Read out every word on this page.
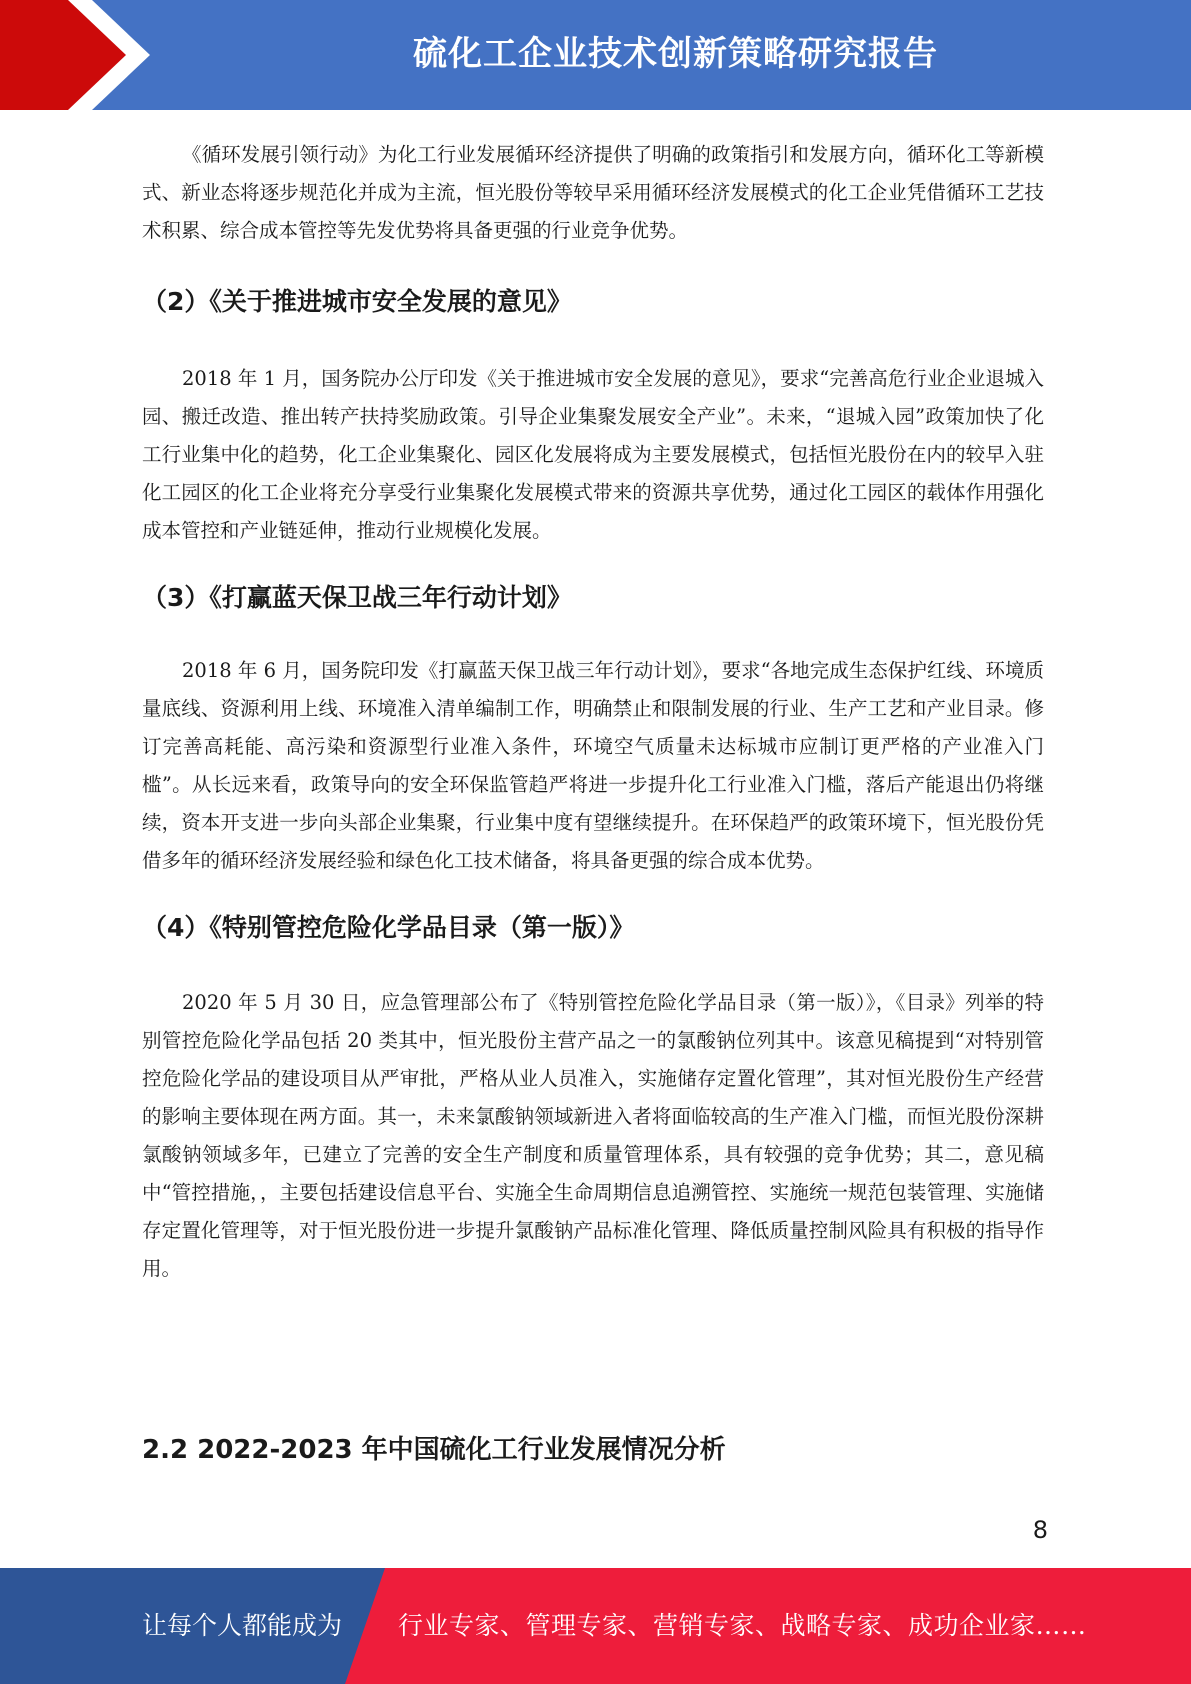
硫化工企业技术创新策略研究报告

《循环发展引领行动》为化工行业发展循环经济提供了明确的政策指引和发展方向，循环化工等新模式、新业态将逐步规范化并成为主流，恒光股份等较早采用循环经济发展模式的化工企业凭借循环工艺技术积累、综合成本管控等先发优势将具备更强的行业竞争优势。

（2）《关于推进城市安全发展的意见》

2018 年 1 月，国务院办公厅印发《关于推进城市安全发展的意见》，要求“完善高危行业企业退城入园、搬迁改造、推出转产扶持奖励政策。引导企业集聚发展安全产业”。未来，“退城入园”政策加快了化工行业集中化的趋势，化工企业集聚化、园区化发展将成为主要发展模式，包括恒光股份在内的较早入驻化工园区的化工企业将充分享受行业集聚化发展模式带来的资源共享优势，通过化工园区的载体作用强化成本管控和产业链延伸，推动行业规模化发展。

（3）《打赢蓝天保卫战三年行动计划》

2018 年 6 月，国务院印发《打赢蓝天保卫战三年行动计划》，要求“各地完成生态保护红线、环境质量底线、资源利用上线、环境准入清单编制工作，明确禁止和限制发展的行业、生产工艺和产业目录。修订完善高耗能、高污染和资源型行业准入条件，环境空气质量未达标城市应制订更严格的产业准入门槛”。从长远来看，政策导向的安全环保监管趋严将进一步提升化工行业准入门槛，落后产能退出仍将继续，资本开支进一步向头部企业集聚，行业集中度有望继续提升。在环保趋严的政策环境下，恒光股份凭借多年的循环经济发展经验和绿色化工技术储备，将具备更强的综合成本优势。

（4）《特别管控危险化学品目录（第一版）》

2020 年 5 月 30 日，应急管理部公布了《特别管控危险化学品目录（第一版）》，《目录》列举的特别管控危险化学品包括 20 类其中，恒光股份主营产品之一的氯酸钠位列其中。该意见稿提到“对特别管控危险化学品的建设项目从严审批，严格从业人员准入，实施储存定置化管理”，其对恒光股份生产经营的影响主要体现在两方面。其一，未来氯酸钠领域新进入者将面临较高的生产准入门槛，而恒光股份深耕氯酸钠领域多年，已建立了完善的安全生产制度和质量管理体系，具有较强的竞争优势；其二，意见稿中“管控措施，，主要包括建设信息平台、实施全生命周期信息追溯管控、实施统一规范包装管理、实施储存定置化管理等，对于恒光股份进一步提升氯酸钠产品标准化管理、降低质量控制风险具有积极的指导作用。

2.2 2022-2023 年中国硫化工行业发展情况分析
8
让每个人都能成为 行业专家、管理专家、营销专家、战略专家、成功企业家……
